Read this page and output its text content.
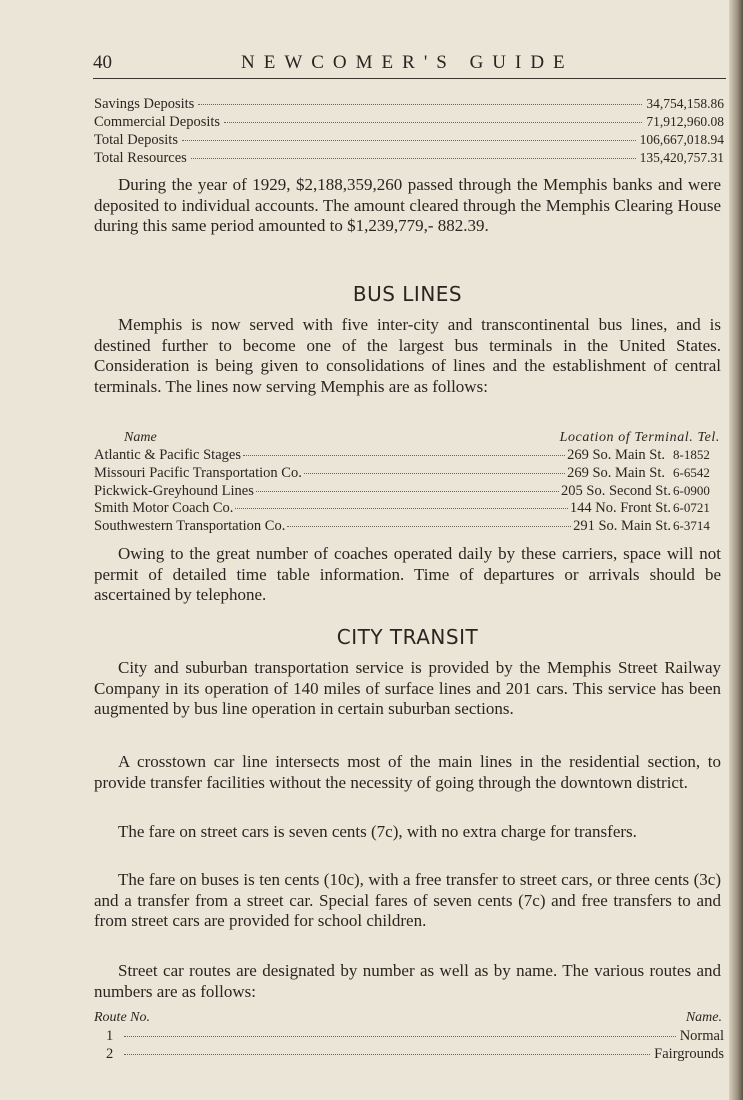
40	NEWCOMER'S GUIDE
Savings Deposits	34,754,158.86
Commercial Deposits	71,912,960.08
Total Deposits	106,667,018.94
Total Resources	135,420,757.31

During the year of 1929, $2,188,359,260 passed through the Memphis banks and were deposited to individual accounts. The amount cleared through the Memphis Clearing House during this same period amounted to $1,239,779,- 882.39.

BUS LINES

Memphis is now served with five inter-city and transcontinental bus lines, and is destined further to become one of the largest bus terminals in the United States. Consideration is being given to consolidations of lines and the establishment of central terminals. The lines now serving Memphis are as follows:

Name	Location of Terminal. Tel.
Atlantic & Pacific Stages	269 So. Main St. 8-1852
Missouri Pacific Transportation Co.	269 So. Main St. 6-6542
Pickwick-Greyhound Lines	205 So. Second St. 6-0900
Smith Motor Coach Co.	144 No. Front St. 6-0721
Southwestern Transportation Co.	291 So. Main St. 6-3714

Owing to the great number of coaches operated daily by these carriers, space will not permit of detailed time table information. Time of departures or arrivals should be ascertained by telephone.

CITY TRANSIT

City and suburban transportation service is provided by the Memphis Street Railway Company in its operation of 140 miles of surface lines and 201 cars. This service has been augmented by bus line operation in certain suburban sections.

A crosstown car line intersects most of the main lines in the residential section, to provide transfer facilities without the necessity of going through the downtown district.

The fare on street cars is seven cents (7c), with no extra charge for transfers.

The fare on buses is ten cents (10c), with a free transfer to street cars, or three cents (3c) and a transfer from a street car. Special fares of seven cents (7c) and free transfers to and from street cars are provided for school children.

Street car routes are designated by number as well as by name. The various routes and numbers are as follows:

Route No.	Name.
1	Normal
2	Fairgrounds
